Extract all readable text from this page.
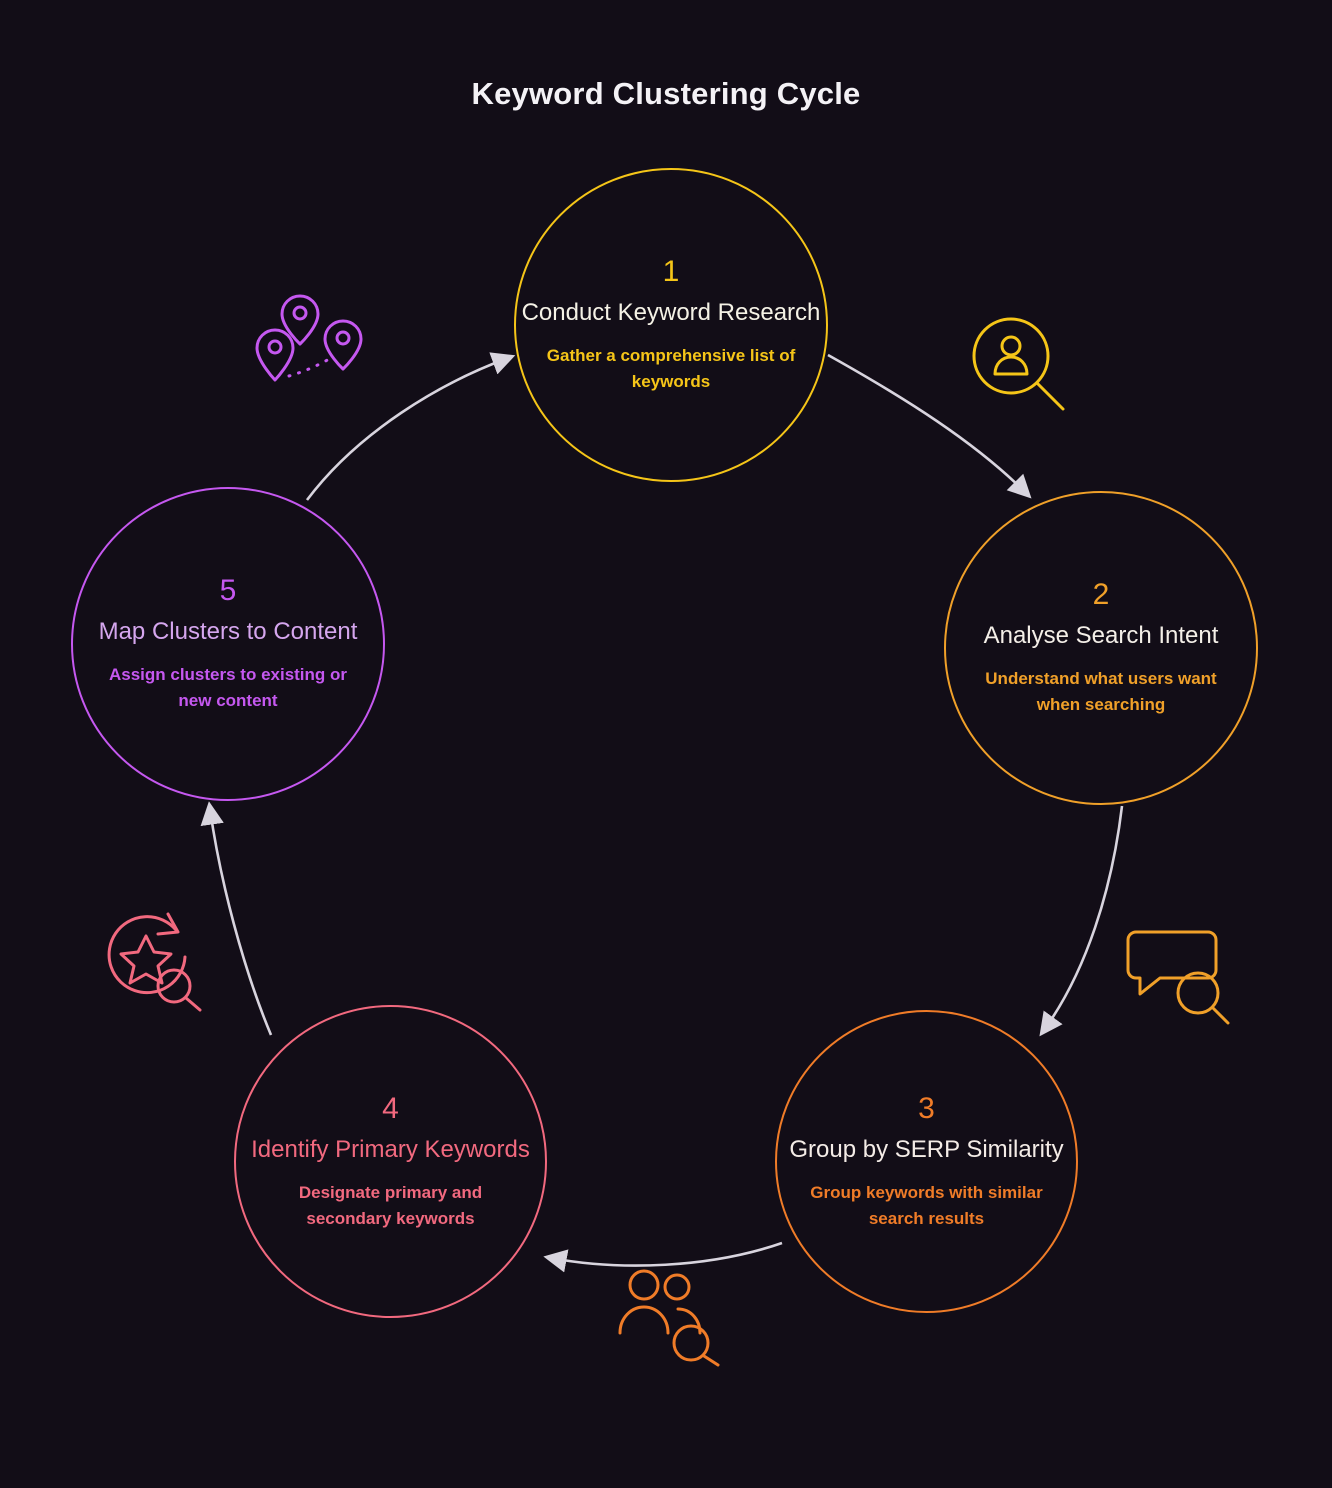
Keyword Clustering Cycle
1
Conduct Keyword Research
Gather a comprehensive list of keywords
2
Analyse Search Intent
Understand what users want when searching
3
Group by SERP Similarity
Group keywords with similar search results
4
Identify Primary Keywords
Designate primary and secondary keywords
5
Map Clusters to Content
Assign clusters to existing or new content
